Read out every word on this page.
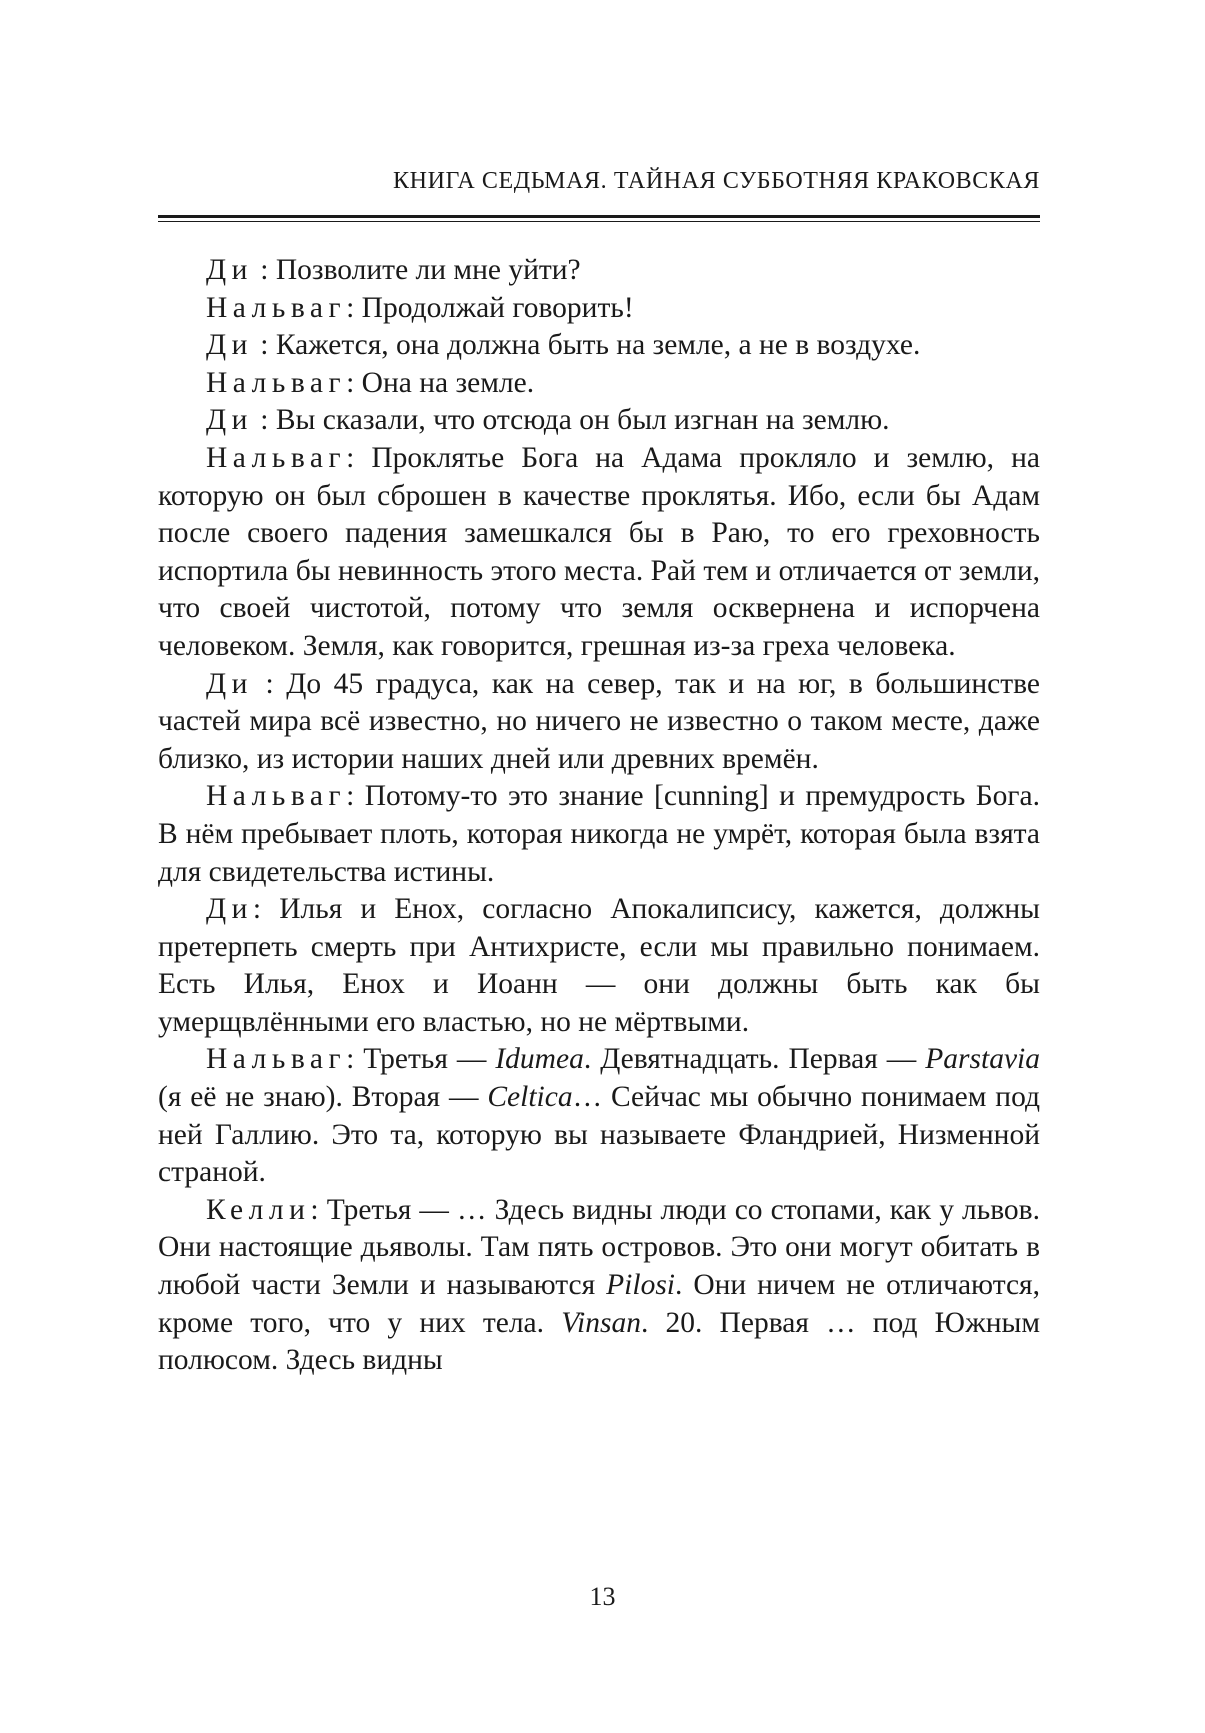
КНИГА СЕДЬМАЯ. ТАЙНАЯ СУББОТНЯЯ КРАКОВСКАЯ

Ди : Позволите ли мне уйти?

Нальваг: Продолжай говорить!

Ди : Кажется, она должна быть на земле, а не в воздухе.

Нальваг: Она на земле.

Ди : Вы сказали, что отсюда он был изгнан на землю.

Нальваг: Проклятье Бога на Адама прокляло и землю, на которую он был сброшен в качестве проклятья. Ибо, если бы Адам после своего падения замешкался бы в Раю, то его греховность испортила бы невинность этого места. Рай тем и отличается от земли, что своей чистотой, потому что земля осквернена и испорчена человеком. Земля, как говорится, грешная из-за греха человека.

Ди : До 45 градуса, как на север, так и на юг, в большинстве частей мира всё известно, но ничего не известно о таком месте, даже близко, из истории наших дней или древних времён.

Нальваг: Потому-то это знание [cunning] и премудрость Бога. В нём пребывает плоть, которая никогда не умрёт, которая была взята для свидетельства истины.

Ди: Илья и Енох, согласно Апокалипсису, кажется, должны претерпеть смерть при Антихристе, если мы правильно понимаем. Есть Илья, Енох и Иоанн — они должны быть как бы умерщвлёнными его властью, но не мёртвыми.

Нальваг: Третья — Idumea. Девятнадцать. Первая — Parstavia (я её не знаю). Вторая — Celtica… Сейчас мы обычно понимаем под ней Галлию. Это та, которую вы называете Фландрией, Низменной страной.

Келли: Третья — … Здесь видны люди со стопами, как у львов. Они настоящие дьяволы. Там пять островов. Это они могут обитать в любой части Земли и называются Pilosi. Они ничем не отличаются, кроме того, что у них тела. Vinsan. 20. Первая … под Южным полюсом. Здесь видны

13
